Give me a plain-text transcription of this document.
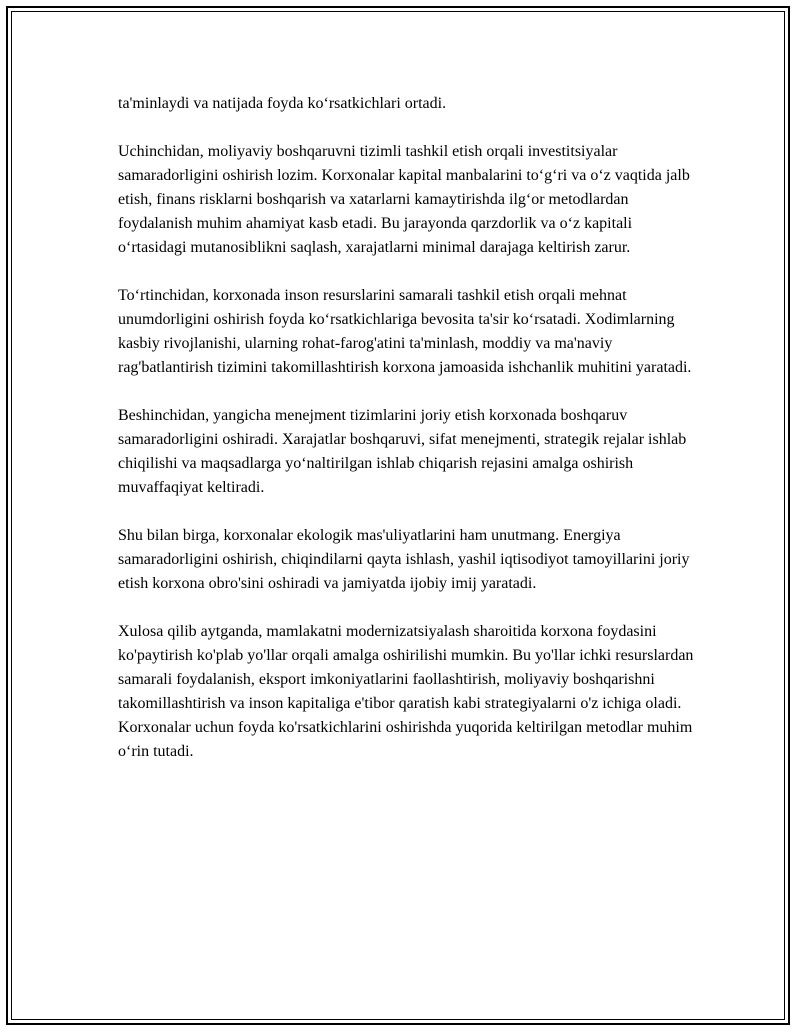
ta'minlaydi va natijada foyda ko‘rsatkichlari ortadi.

Uchinchidan, moliyaviy boshqaruvni tizimli tashkil etish orqali investitsiyalar samaradorligini oshirish lozim. Korxonalar kapital manbalarini to‘g‘ri va o‘z vaqtida jalb etish, finans risklarni boshqarish va xatarlarni kamaytirishda ilg‘or metodlardan foydalanish muhim ahamiyat kasb etadi. Bu jarayonda qarzdorlik va o‘z kapitali o‘rtasidagi mutanosiblikni saqlash, xarajatlarni minimal darajaga keltirish zarur.

To‘rtinchidan, korxonada inson resurslarini samarali tashkil etish orqali mehnat unumdorligini oshirish foyda ko‘rsatkichlariga bevosita ta'sir ko‘rsatadi. Xodimlarning kasbiy rivojlanishi, ularning rohat-farog'atini ta'minlash, moddiy va ma'naviy rag'batlantirish tizimini takomillashtirish korxona jamoasida ishchanlik muhitini yaratadi.

Beshinchidan, yangicha menejment tizimlarini joriy etish korxonada boshqaruv samaradorligini oshiradi. Xarajatlar boshqaruvi, sifat menejmenti, strategik rejalar ishlab chiqilishi va maqsadlarga yo‘naltirilgan ishlab chiqarish rejasini amalga oshirish muvaffaqiyat keltiradi.

Shu bilan birga, korxonalar ekologik mas'uliyatlarini ham unutmang. Energiya samaradorligini oshirish, chiqindilarni qayta ishlash, yashil iqtisodiyot tamoyillarini joriy etish korxona obro'sini oshiradi va jamiyatda ijobiy imij yaratadi.

Xulosa qilib aytganda, mamlakatni modernizatsiyalash sharoitida korxona foydasini ko'paytirish ko'plab yo'llar orqali amalga oshirilishi mumkin. Bu yo'llar ichki resurslardan samarali foydalanish, eksport imkoniyatlarini faollashtirish, moliyaviy boshqarishni takomillashtirish va inson kapitaliga e'tibor qaratish kabi strategiyalarni o'z ichiga oladi. Korxonalar uchun foyda ko'rsatkichlarini oshirishda yuqorida keltirilgan metodlar muhim o‘rin tutadi.
